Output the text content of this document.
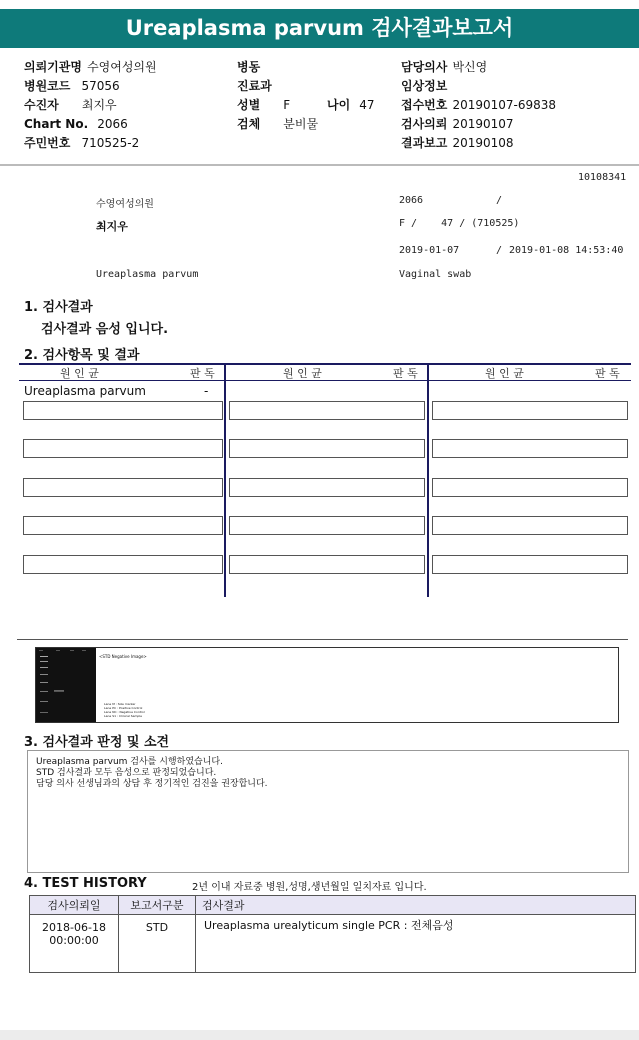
Ureaplasma parvum 검사결과보고서
의뢰기관명 수영여성의원
병원코드 57056
수진자 최지우
Chart No. 2066
주민번호 710525-2
병동
진료과
성별 F
검체 분비물
나이 47
담당의사 박신영
임상정보
접수번호 20190107-69838
검사의뢰 20190107
결과보고 20190108
10108341
수영여성의원	2066	/
최지우	F /    47 / (710525)
2019-01-07	/ 2019-01-08 14:53:40
Ureaplasma parvum	Vaginal swab
1. 검사결과
검사결과 음성 입니다.
2. 검사항목 및 결과
원 인 균	판 독	원 인 균	판 독	원 인 균	판 독
Ureaplasma parvum	-
<STD Negative Image>
Lane M : Size marker
Lane PC : Positive Control
Lane NC : Negative Control
Lane S1 : Clinical Sample
3. 검사결과 판정 및 소견
Ureaplasma parvum 검사를 시행하였습니다.
STD 검사결과 모두 음성으로 판정되었습니다.
담당 의사 선생님과의 상담 후 정기적인 검진을 권장합니다.
4. TEST HISTORY	2년 이내 자료중 병원,성명,생년월일 일치자료 입니다.
검사의뢰일	보고서구분	검사결과

2018-06-18
00:00:00	STD	Ureaplasma urealyticum single PCR : 전체음성
